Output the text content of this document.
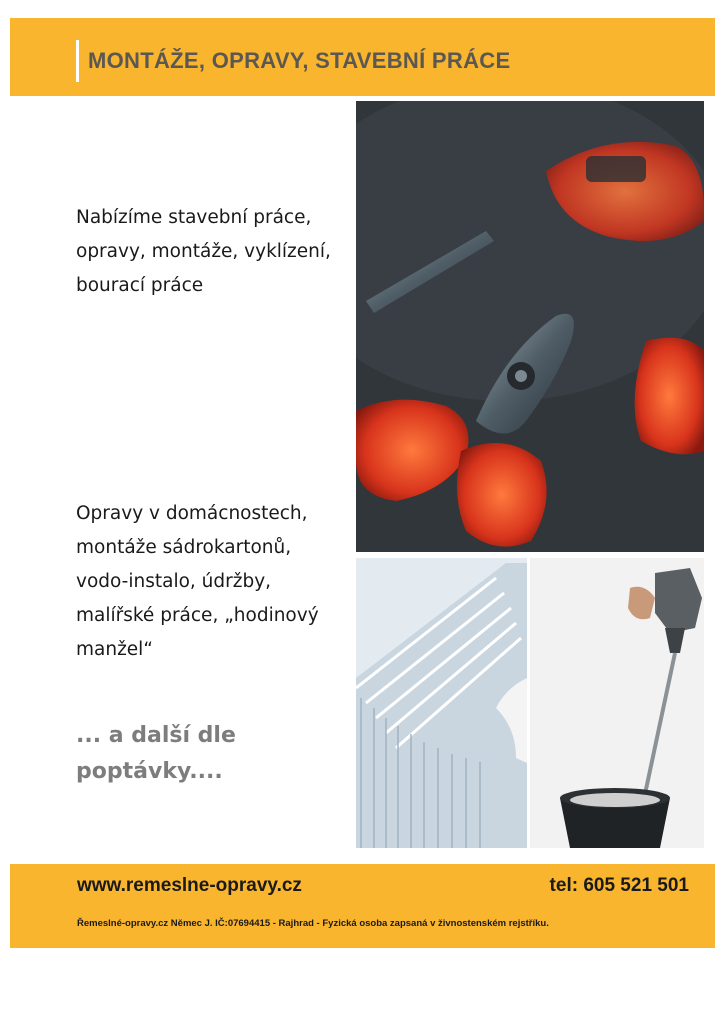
MONTÁŽE, OPRAVY, STAVEBNÍ PRÁCE
Nabízíme stavební práce,
opravy, montáže, vyklízení,
bourací práce
Opravy v domácnostech,
montáže sádrokartonů,
vodo-instalo, údržby,
malířské práce, „hodinový
manžel“
... a další dle
poptávky....
www.remeslne-opravy.cz	tel: 605 521 501
Řemeslné-opravy.cz Němec J. IČ:07694415 - Rajhrad - Fyzická osoba zapsaná v živnostenském rejstříku.
